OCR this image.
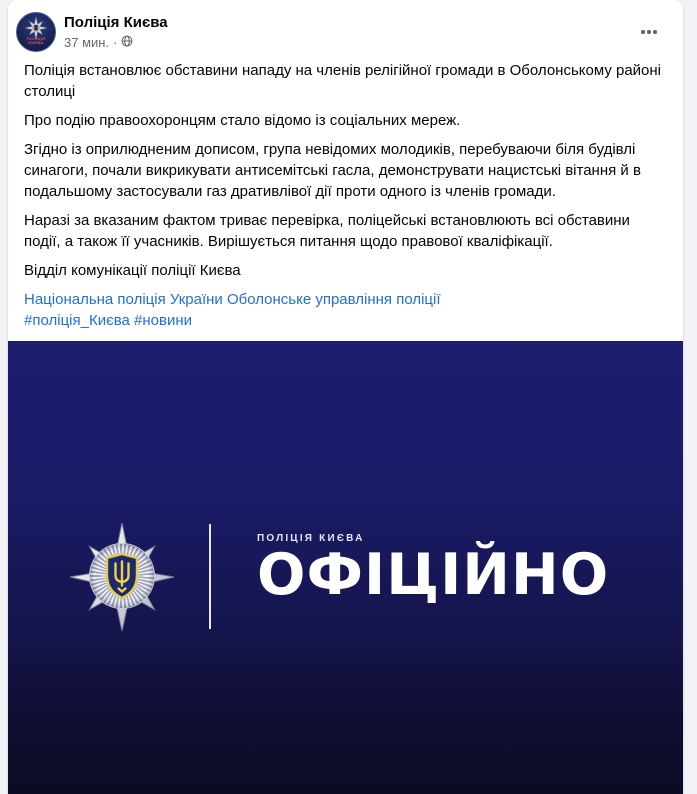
ПОЛІЦІЯ КИЄВА
Поліція Києва
37 мин. ·

Поліція встановлює обставини нападу на членів релігійної громади в Оболонському районі столиці

Про подію правоохоронцям стало відомо із соціальних мереж.

Згідно із оприлюдненим дописом, група невідомих молодиків, перебуваючи біля будівлі синагоги, почали викрикувати антисемітські гасла, демонструвати нацистські вітання й в подальшому застосували газ дративлівої дії проти одного із членів громади.

Наразі за вказаним фактом триває перевірка, поліцейські встановлюють всі обставини події, а також її учасників. Вирішується питання щодо правової кваліфікації.

Відділ комунікації поліції Києва

Національна поліція України Оболонське управління поліції
#поліція_Києва #новини

ПОЛІЦІЯ КИЄВА
ОФІЦІЙНО
